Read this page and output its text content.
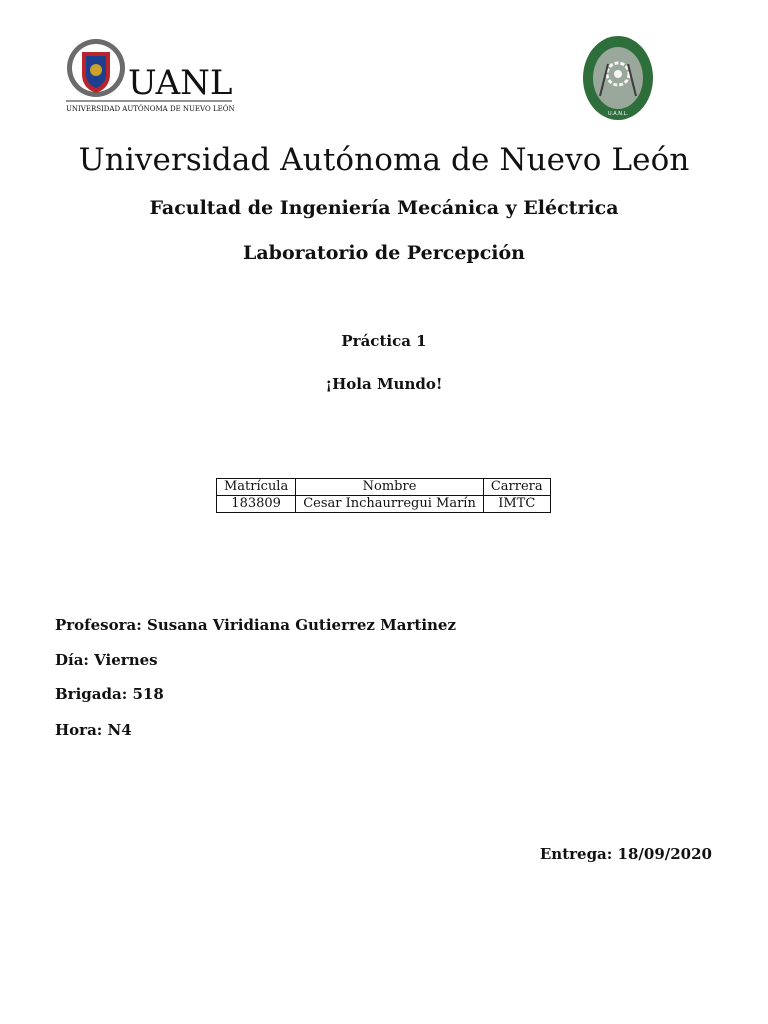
UANL
UNIVERSIDAD AUTÓNOMA DE NUEVO LEÓN
U.A.N.L.
Universidad Autónoma de Nuevo León
Facultad de Ingeniería Mecánica y Eléctrica
Laboratorio de Percepción
Práctica 1
¡Hola Mundo!
Matrícula	Nombre	Carrera
183809	Cesar Inchaurregui Marín	IMTC
Profesora: Susana Viridiana Gutierrez Martinez
Día: Viernes
Brigada: 518
Hora: N4
Entrega: 18/09/2020
